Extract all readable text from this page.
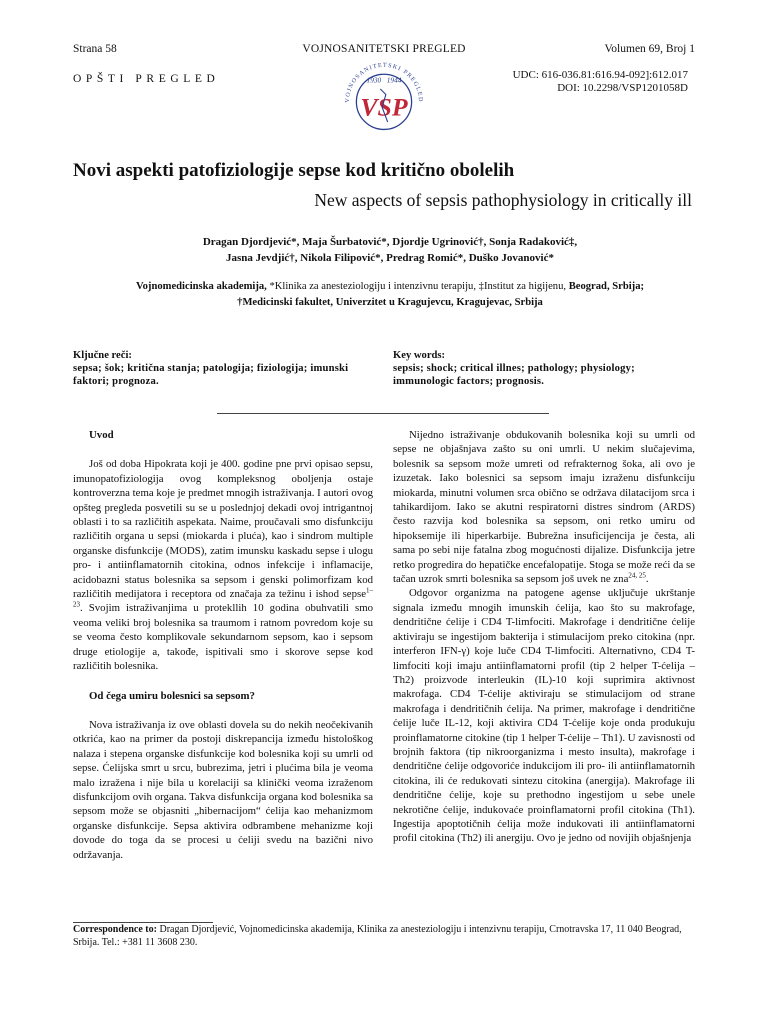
Strana 58	VOJNOSANITETSKI PREGLED	Volumen 69, Broj 1
OPŠTI PREGLED
VOJNOSANITETSKI PREGLED
1930 1944
VSP
UDC: 616-036.81:616.94-092]:612.017
DOI: 10.2298/VSP1201058D
Novi aspekti patofiziologije sepse kod kritično obolelih
New aspects of sepsis pathophysiology in critically ill
Dragan Djordjević*, Maja Šurbatović*, Djordje Ugrinović†, Sonja Radaković‡,
Jasna Jevdjić†, Nikola Filipović*, Predrag Romić*, Duško Jovanović*
Vojnomedicinska akademija, *Klinika za anesteziologiju i intenzivnu terapiju, ‡Institut za higijenu, Beograd, Srbija; †Medicinski fakultet, Univerzitet u Kragujevcu, Kragujevac, Srbija
Ključne reči:
sepsa; šok; kritična stanja; patologija; fiziologija; imunski faktori; prognoza.
Key words:
sepsis; shock; critical illnes; pathology; physiology; immunologic factors; prognosis.
Uvod

Još od doba Hipokrata koji je 400. godine pne prvi opisao sepsu, imunopatofiziologija ovog kompleksnog oboljenja ostaje kontroverzna tema koje je predmet mnogih istraživanja. I autori ovog opšteg pregleda posvetili su se u poslednjoj dekadi ovoj intrigantnoj oblasti i to sa različitih aspekata. Naime, proučavali smo disfunkciju različitih organa u sepsi (miokarda i pluća), kao i sindrom multiple organske disfunkcije (MODS), zatim imunsku kaskadu sepse i ulogu pro- i antiinflamatornih citokina, odnos infekcije i inflamacije, acidobazni status bolesnika sa sepsom i genski polimorfizam kod različitih medijatora i receptora od značaja za težinu i ishod sepse$^{1-23}$. Svojim istraživanjima u protekllih 10 godina obuhvatili smo veoma veliki broj bolesnika sa traumom i ratnom povredom koje su se veoma često komplikovale sekundarnom sepsom, kao i sepsom druge etiologije a, takođe, ispitivali smo i skorove sepse kod različitih bolesnika.

Od čega umiru bolesnici sa sepsom?

Nova istraživanja iz ove oblasti dovela su do nekih neočekivanih otkrića, kao na primer da postoji diskrepancija između histološkog nalaza i stepena organske disfunkcije kod bolesnika koji su umrli od sepse. Ćelijska smrt u srcu, bubrezima, jetri i plućima bila je veoma malo izražena i nije bila u korelaciji sa klinički veoma izraženom disfunkcijom ovih organa. Takva disfunkcija organa kod bolesnika sa sepsom može se objasniti „hibernacijom“ ćelija kao mehanizmom organske disfunkcije. Sepsa aktivira odbrambene mehanizme koji dovode do toga da se procesi u ćeliji svedu na bazični nivo održavanja.

Nijedno istraživanje obdukovanih bolesnika koji su umrli od sepse ne objašnjava zašto su oni umrli. U nekim slučajevima, bolesnik sa sepsom može umreti od refrakternog šoka, ali ovo je izuzetak. Iako bolesnici sa sepsom imaju izraženu disfunkciju miokarda, minutni volumen srca obično se održava dilatacijom srca i tahikardijom. Iako se akutni respiratorni distres sindrom (ARDS) često razvija kod bolesnika sa sepsom, oni retko umiru od hipoksemije ili hiperkarbije. Bubrežna insuficijencija je česta, ali sama po sebi nije fatalna zbog mogućnosti dijalize. Disfunkcija jetre retko progredira do hepatičke encefalopatije. Stoga se može reći da se tačan uzrok smrti bolesnika sa sepsom još uvek ne zna$^{24, 25}$.

Odgovor organizma na patogene agense uključuje ukrštanje signala između mnogih imunskih ćelija, kao što su makrofage, dendritične ćelije i CD4 T-limfociti. Makrofage i dendritične ćelije aktiviraju se ingestijom bakterija i stimulacijom preko citokina (npr. interferon IFN-γ) koje luče CD4 T-limfociti. Alternativno, CD4 T-limfociti koji imaju antiinflamatorni profil (tip 2 helper T-ćelija – Th2) proizvode interleukin (IL)-10 koji suprimira aktivnost makrofaga. CD4 T-ćelije aktiviraju se stimulacijom od strane makrofaga i dendritičnih ćelija. Na primer, makrofage i dendritične ćelije luče IL-12, koji aktivira CD4 T-ćelije koje onda produkuju proinflamatorne citokine (tip 1 helper T-ćelije – Th1). U zavisnosti od brojnih faktora (tip nikroorganizma i mesto insulta), makrofage i dendritične ćelije odgovoriće indukcijom ili pro- ili antiinflamatornih citokina, ili će redukovati sintezu citokina (anergija). Makrofage ili dendritične ćelije, koje su prethodno ingestijom u sebe unele nekrotične ćelije, indukovaće proinflamatorni profil citokina (Th1). Ingestija apoptotičnih ćelija može indukovati ili antiinflamatorni profil citokina (Th2) ili anergiju. Ovo je jedno od novijih objašnjenja

Correspondence to: Dragan Djordjević, Vojnomedicinska akademija, Klinika za anesteziologiju i intenzivnu terapiju, Crnotravska 17, 11 040 Beograd, Srbija. Tel.: +381 11 3608 230.
